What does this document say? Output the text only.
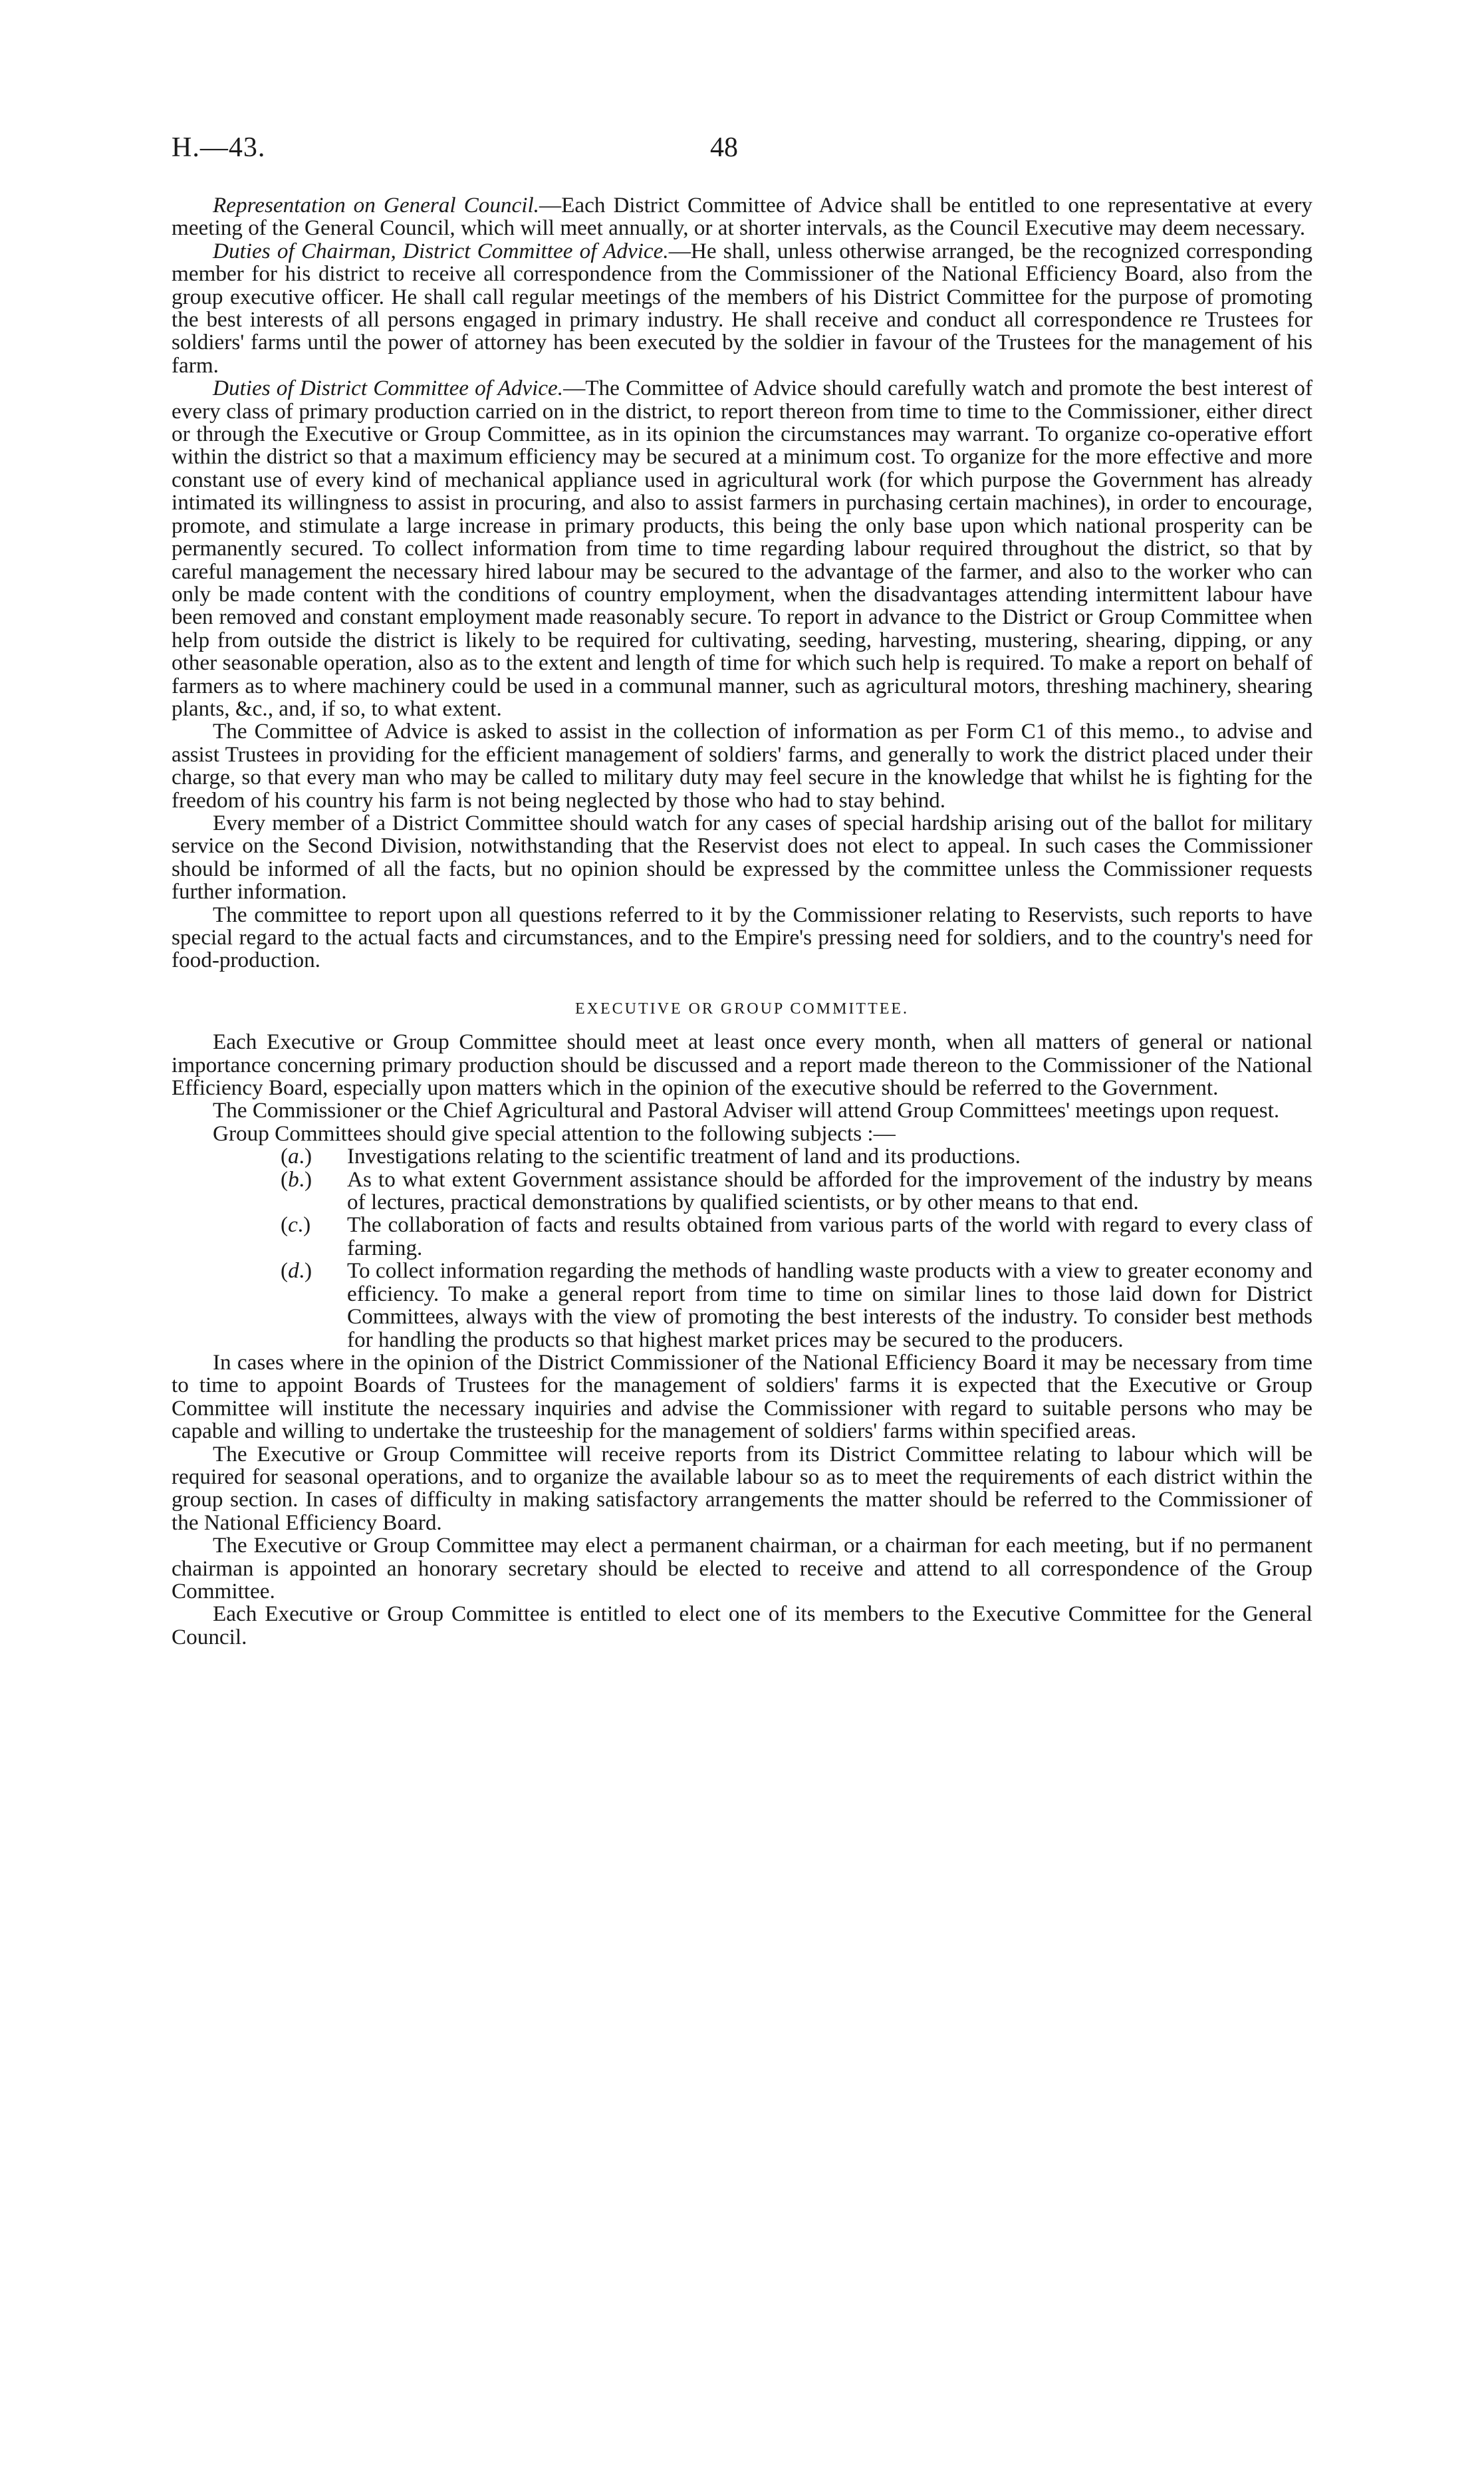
H.—43.	48

Representation on General Council.—Each District Committee of Advice shall be entitled to one representative at every meeting of the General Council, which will meet annually, or at shorter intervals, as the Council Executive may deem necessary.

Duties of Chairman, District Committee of Advice.—He shall, unless otherwise arranged, be the recognized corresponding member for his district to receive all correspondence from the Commissioner of the National Efficiency Board, also from the group executive officer. He shall call regular meetings of the members of his District Committee for the purpose of promoting the best interests of all persons engaged in primary industry. He shall receive and conduct all correspondence re Trustees for soldiers' farms until the power of attorney has been executed by the soldier in favour of the Trustees for the management of his farm.

Duties of District Committee of Advice.—The Committee of Advice should carefully watch and promote the best interest of every class of primary production carried on in the district, to report thereon from time to time to the Commissioner, either direct or through the Executive or Group Committee, as in its opinion the circumstances may warrant. To organize co-operative effort within the district so that a maximum efficiency may be secured at a minimum cost. To organize for the more effective and more constant use of every kind of mechanical appliance used in agricultural work (for which purpose the Government has already intimated its willingness to assist in procuring, and also to assist farmers in purchasing certain machines), in order to encourage, promote, and stimulate a large increase in primary products, this being the only base upon which national prosperity can be permanently secured. To collect information from time to time regarding labour required throughout the district, so that by careful management the necessary hired labour may be secured to the advantage of the farmer, and also to the worker who can only be made content with the conditions of country employment, when the disadvantages attending intermittent labour have been removed and constant employment made reasonably secure. To report in advance to the District or Group Committee when help from outside the district is likely to be required for cultivating, seeding, harvesting, mustering, shearing, dipping, or any other seasonable operation, also as to the extent and length of time for which such help is required. To make a report on behalf of farmers as to where machinery could be used in a communal manner, such as agricultural motors, threshing machinery, shearing plants, &c., and, if so, to what extent.

The Committee of Advice is asked to assist in the collection of information as per Form C1 of this memo., to advise and assist Trustees in providing for the efficient management of soldiers' farms, and generally to work the district placed under their charge, so that every man who may be called to military duty may feel secure in the knowledge that whilst he is fighting for the freedom of his country his farm is not being neglected by those who had to stay behind.

Every member of a District Committee should watch for any cases of special hardship arising out of the ballot for military service on the Second Division, notwithstanding that the Reservist does not elect to appeal. In such cases the Commissioner should be informed of all the facts, but no opinion should be expressed by the committee unless the Commissioner requests further information.

The committee to report upon all questions referred to it by the Commissioner relating to Reservists, such reports to have special regard to the actual facts and circumstances, and to the Empire's pressing need for soldiers, and to the country's need for food-production.

EXECUTIVE OR GROUP COMMITTEE.

Each Executive or Group Committee should meet at least once every month, when all matters of general or national importance concerning primary production should be discussed and a report made thereon to the Commissioner of the National Efficiency Board, especially upon matters which in the opinion of the executive should be referred to the Government.

The Commissioner or the Chief Agricultural and Pastoral Adviser will attend Group Committees' meetings upon request.

Group Committees should give special attention to the following subjects :—

(a.) Investigations relating to the scientific treatment of land and its productions.
(b.) As to what extent Government assistance should be afforded for the improvement of the industry by means of lectures, practical demonstrations by qualified scientists, or by other means to that end.
(c.) The collaboration of facts and results obtained from various parts of the world with regard to every class of farming.
(d.) To collect information regarding the methods of handling waste products with a view to greater economy and efficiency. To make a general report from time to time on similar lines to those laid down for District Committees, always with the view of promoting the best interests of the industry. To consider best methods for handling the products so that highest market prices may be secured to the producers.

In cases where in the opinion of the District Commissioner of the National Efficiency Board it may be necessary from time to time to appoint Boards of Trustees for the management of soldiers' farms it is expected that the Executive or Group Committee will institute the necessary inquiries and advise the Commissioner with regard to suitable persons who may be capable and willing to undertake the trusteeship for the management of soldiers' farms within specified areas.

The Executive or Group Committee will receive reports from its District Committee relating to labour which will be required for seasonal operations, and to organize the available labour so as to meet the requirements of each district within the group section. In cases of difficulty in making satisfactory arrangements the matter should be referred to the Commissioner of the National Efficiency Board.

The Executive or Group Committee may elect a permanent chairman, or a chairman for each meeting, but if no permanent chairman is appointed an honorary secretary should be elected to receive and attend to all correspondence of the Group Committee.

Each Executive or Group Committee is entitled to elect one of its members to the Executive Committee for the General Council.
